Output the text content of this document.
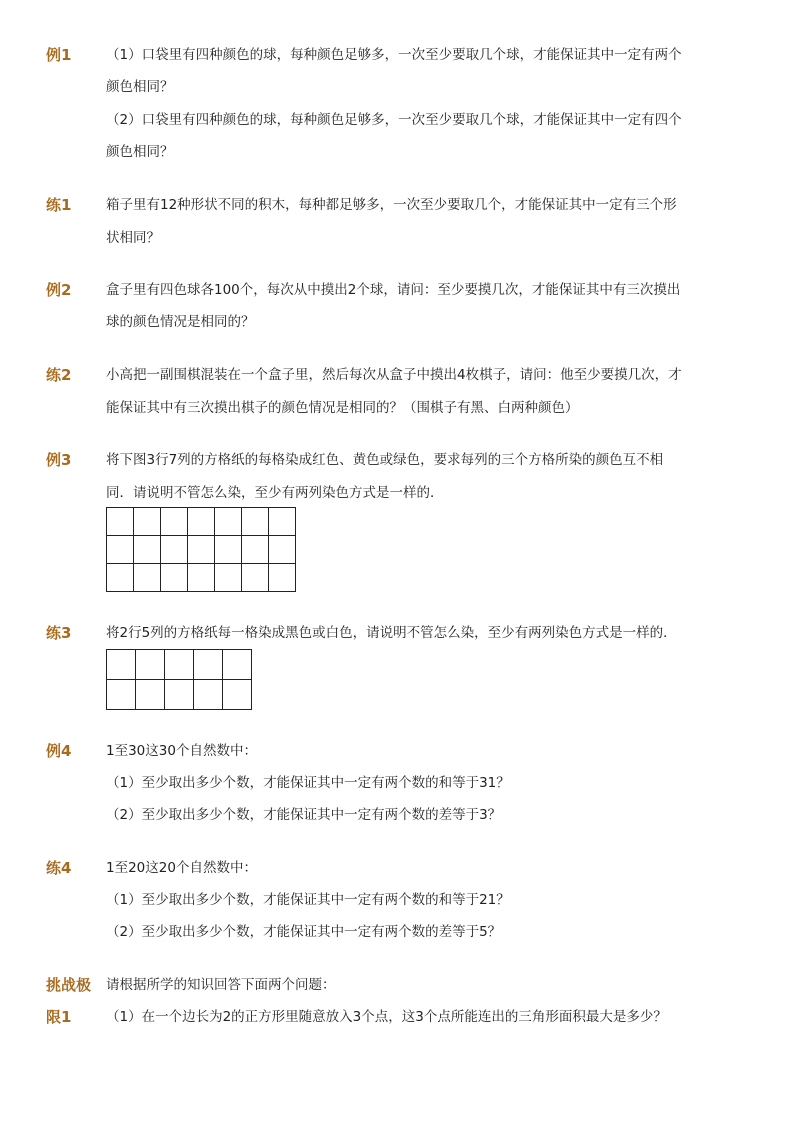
例1	（1）口袋里有四种颜色的球，每种颜色足够多，一次至少要取几个球，才能保证其中一定有两个
颜色相同？
（2）口袋里有四种颜色的球，每种颜色足够多，一次至少要取几个球，才能保证其中一定有四个
颜色相同？
练1	箱子里有12种形状不同的积木，每种都足够多，一次至少要取几个，才能保证其中一定有三个形
状相同？
例2	盒子里有四色球各100个，每次从中摸出2个球，请问：至少要摸几次，才能保证其中有三次摸出
球的颜色情况是相同的？
练2	小高把一副围棋混装在一个盒子里，然后每次从盒子中摸出4枚棋子，请问：他至少要摸几次，才
能保证其中有三次摸出棋子的颜色情况是相同的？（围棋子有黑、白两种颜色）
例3	将下图3行7列的方格纸的每格染成红色、黄色或绿色，要求每列的三个方格所染的颜色互不相
同．请说明不管怎么染，至少有两列染色方式是一样的．

练3	将2行5列的方格纸每一格染成黑色或白色，请说明不管怎么染，至少有两列染色方式是一样的．

例4	1至30这30个自然数中：
（1）至少取出多少个数，才能保证其中一定有两个数的和等于31？
（2）至少取出多少个数，才能保证其中一定有两个数的差等于3？
练4	1至20这20个自然数中：
（1）至少取出多少个数，才能保证其中一定有两个数的和等于21？
（2）至少取出多少个数，才能保证其中一定有两个数的差等于5？
挑战极 请根据所学的知识回答下面两个问题：
限1	（1）在一个边长为2的正方形里随意放入3个点，这3个点所能连出的三角形面积最大是多少？
